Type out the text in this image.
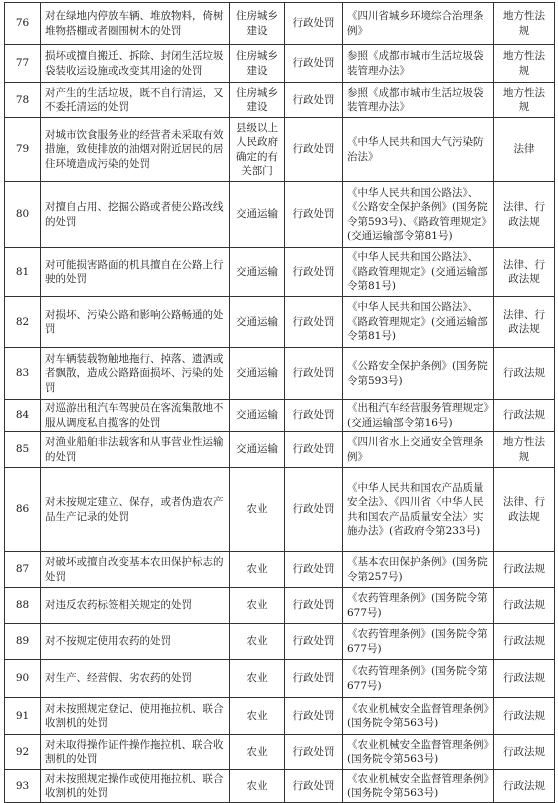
76	对在绿地内停放车辆、堆放物料，倚树堆物搭棚或者圈围树木的处罚	住房城乡建设	行政处罚	《四川省城乡环境综合治理条例》	地方性法规
77	损坏或擅自搬迁、拆除、封闭生活垃圾袋装收运设施或改变其用途的处罚	住房城乡建设	行政处罚	参照《成都市城市生活垃圾袋装管理办法》	地方性法规
78	对产生的生活垃圾，既不自行清运，又不委托清运的处罚	住房城乡建设	行政处罚	参照《成都市城市生活垃圾袋装管理办法》	地方性法规
79	对城市饮食服务业的经营者未采取有效措施，致使排放的油烟对附近居民的居住环境造成污染的处罚	县级以上人民政府确定的有关部门	行政处罚	《中华人民共和国大气污染防治法》	法律
80	对擅自占用、挖掘公路或者使公路改线的处罚	交通运输	行政处罚	《中华人民共和国公路法》、《公路安全保护条例》(国务院令第593号)、《路政管理规定》(交通运输部令第81号)	法律、行政法规
81	对可能损害路面的机具擅自在公路上行驶的处罚	交通运输	行政处罚	《中华人民共和国公路法》、《路政管理规定》(交通运输部令第81号)	法律、行政法规
82	对损坏、污染公路和影响公路畅通的处罚	交通运输	行政处罚	《中华人民共和国公路法》、《路政管理规定》(交通运输部令第81号)	法律、行政法规
83	对车辆装载物触地拖行、掉落、遗洒或者飘散，造成公路路面损坏、污染的处罚	交通运输	行政处罚	《公路安全保护条例》(国务院令第593号)	行政法规
84	对巡游出租汽车驾驶员在客流集散地不服从调度私自揽客的处罚	交通运输	行政处罚	《出租汽车经营服务管理规定》(交通运输部令第16号)	行政法规
85	对渔业船舶非法载客和从事营业性运输的处罚	交通运输	行政处罚	《四川省水上交通安全管理条例》	地方性法规
86	对未按规定建立、保存，或者伪造农产品生产记录的处罚	农业	行政处罚	《中华人民共和国农产品质量安全法》、《四川省〈中华人民共和国农产品质量安全法〉实施办法》(省政府令第233号)	法律、行政法规
87	对破坏或擅自改变基本农田保护标志的处罚	农业	行政处罚	《基本农田保护条例》(国务院令第257号)	行政法规
88	对违反农药标签相关规定的处罚	农业	行政处罚	《农药管理条例》(国务院令第677号)	行政法规
89	对不按规定使用农药的处罚	农业	行政处罚	《农药管理条例》(国务院令第677号)	行政法规
90	对生产、经营假、劣农药的处罚	农业	行政处罚	《农药管理条例》(国务院令第677号)	行政法规
91	对未按照规定登记、使用拖拉机、联合收割机的处罚	农业	行政处罚	《农业机械安全监督管理条例》(国务院令第563号)	行政法规
92	对未取得操作证件操作拖拉机、联合收割机的处罚	农业	行政处罚	《农业机械安全监督管理条例》(国务院令第563号)	行政法规
93	对未按照规定操作或使用拖拉机、联合收割机的处罚	农业	行政处罚	《农业机械安全监督管理条例》(国务院令第563号)	行政法规
